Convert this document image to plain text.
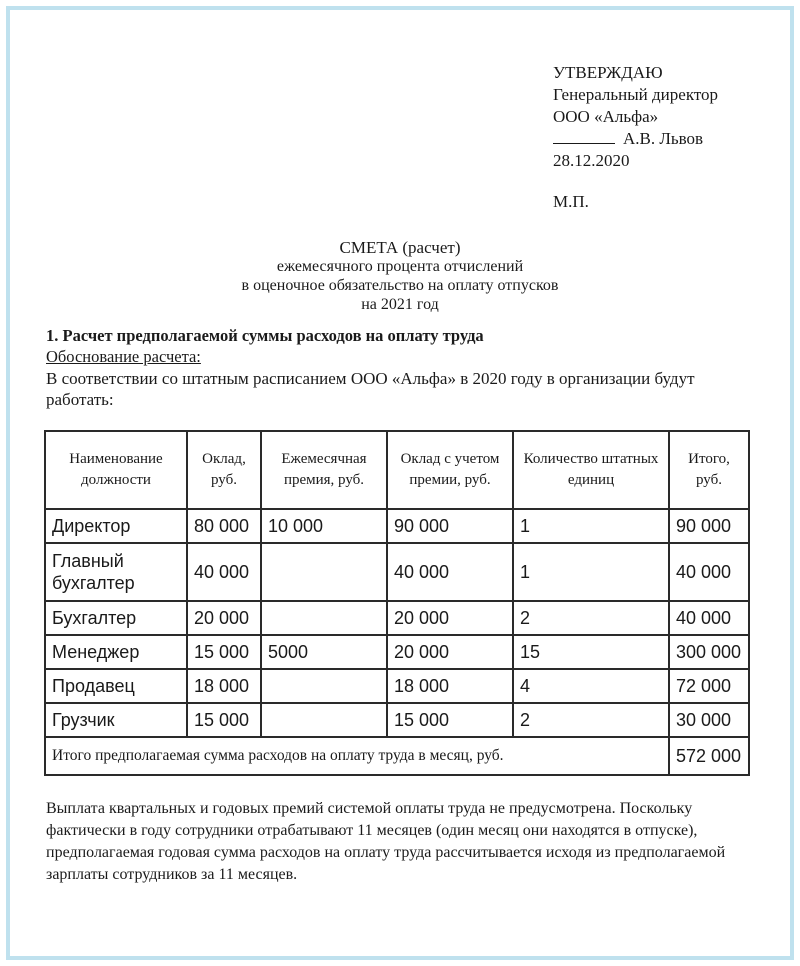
УТВЕРЖДАЮ
Генеральный директор
ООО «Альфа»
А.В. Львов
28.12.2020
М.П.
СМЕТА (расчет)
ежемесячного процента отчислений
в оценочное обязательство на оплату отпусков
на 2021 год
1. Расчет предполагаемой суммы расходов на оплату труда
Обоснование расчета:
В соответствии со штатным расписанием ООО «Альфа» в 2020 году в организации будут работать:
Наименование должности	Оклад, руб.	Ежемесячная премия, руб.	Оклад с учетом премии, руб.	Количество штатных единиц	Итого, руб.
Директор	80 000	10 000	90 000	1	90 000
Главный бухгалтер	40 000		40 000	1	40 000
Бухгалтер	20 000		20 000	2	40 000
Менеджер	15 000	5000	20 000	15	300 000
Продавец	18 000		18 000	4	72 000
Грузчик	15 000		15 000	2	30 000
Итого предполагаемая сумма расходов на оплату труда в месяц, руб.					572 000
Выплата квартальных и годовых премий системой оплаты труда не предусмотрена. Поскольку фактически в году сотрудники отрабатывают 11 месяцев (один месяц они находятся в отпуске), предполагаемая годовая сумма расходов на оплату труда рассчитывается исходя из предполагаемой зарплаты сотрудников за 11 месяцев.
